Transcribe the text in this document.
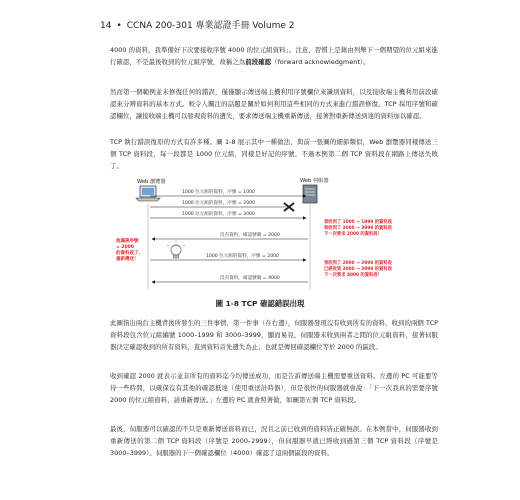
14 • CCNA 200-301 專業認證手冊 Volume 2
4000 的資料，我準備好下次要接收序號 4000 的位元組資料」。注意，習慣上是藉由列舉下一個期望的位元組來進行確認，不是最後收到的位元組序號，故稱之為前段確認（forward acknowledgment）。
然而第一個範例並未修復任何的錯誤，僅僅顯示傳送端主機利用序號欄位來識別資料，以及接收端主機利用前段確認來分辨資料的基本方式。較令人關注的話題是關於如何利用這些相同的方式來進行錯誤修復。TCP 採用序號和確認欄位，讓接收端主機可以發現資料的遺失，要求傳送端主機重新傳送，接著對重新傳送到達的資料加以確認。
TCP 執行錯誤復原的方式有許多種。圖 1-8 展示其中一種做法，與前一張圖的細節類似，Web 瀏覽器同樣傳送三個 TCP 資料段，每一段都是 1000 位元組，同樣是好記的序號。不過本例第二個 TCP 資料段在網路上傳送失敗了。
Web 瀏覽器	Web 伺服器
1000 位元組的資料，序號 = 1000
1000 位元組的資料，序號 = 2000
1000 位元組的資料，序號 = 3000
我收到了 1000 → 1999 的資料段
我收到了 3000 → 3999 的資料段
下一次要求 2000 的資料段！
沒有資料，確認號碼 = 2000
他漏接序號
= 2000
的資料段了，
重新傳送！
1000 位元組的資料，序號 = 2000
我收到了 2000 → 2999 的資料段
已經收到 3000 → 3999 的資料段
下一次要求 4000 的資料段！
沒有資料，確認號碼 = 4000
圖 1-8 TCP 確認錯誤出現
此圖指出兩台主機背後所發生的三件事情，第一件事（在右邊），伺服器發現沒有收到所有的資料，收到的兩個 TCP 資料段包含位元組編號 1000–1999 和 3000–3999，顯而易見，伺服器未收到兩者之間的位元組資料，接著伺服器決定確認收到的所有資料，直到資料首先遺失為止；也就是傳回確認欄位等於 2000 的區段。
收到確認 2000 就表示並非所有的資料迄今均傳送成功，而是告訴傳送端主機需要重送資料。左邊的 PC 可能要等待一些時間，以確保沒有其他的確認抵達（使用重送計時器），但是很快的伺服器就會說：「下一次我真的需要序號 2000 的位元組資料，請重新傳送。」左邊的 PC 就會照著做，如圖第五個 TCP 資料段。
最後，伺服器可以確認的不只是重新傳送資料而已，況且之前已收到的資料皆正確無誤。在本例當中，伺服器收到重新傳送的第二個 TCP 資料段（序號是 2000–2999），但伺服器早就已經收到過第三個 TCP 資料段（序號是 3000–3999）。伺服器的下一個確認欄位（4000）確認了這兩個區段的資料。
